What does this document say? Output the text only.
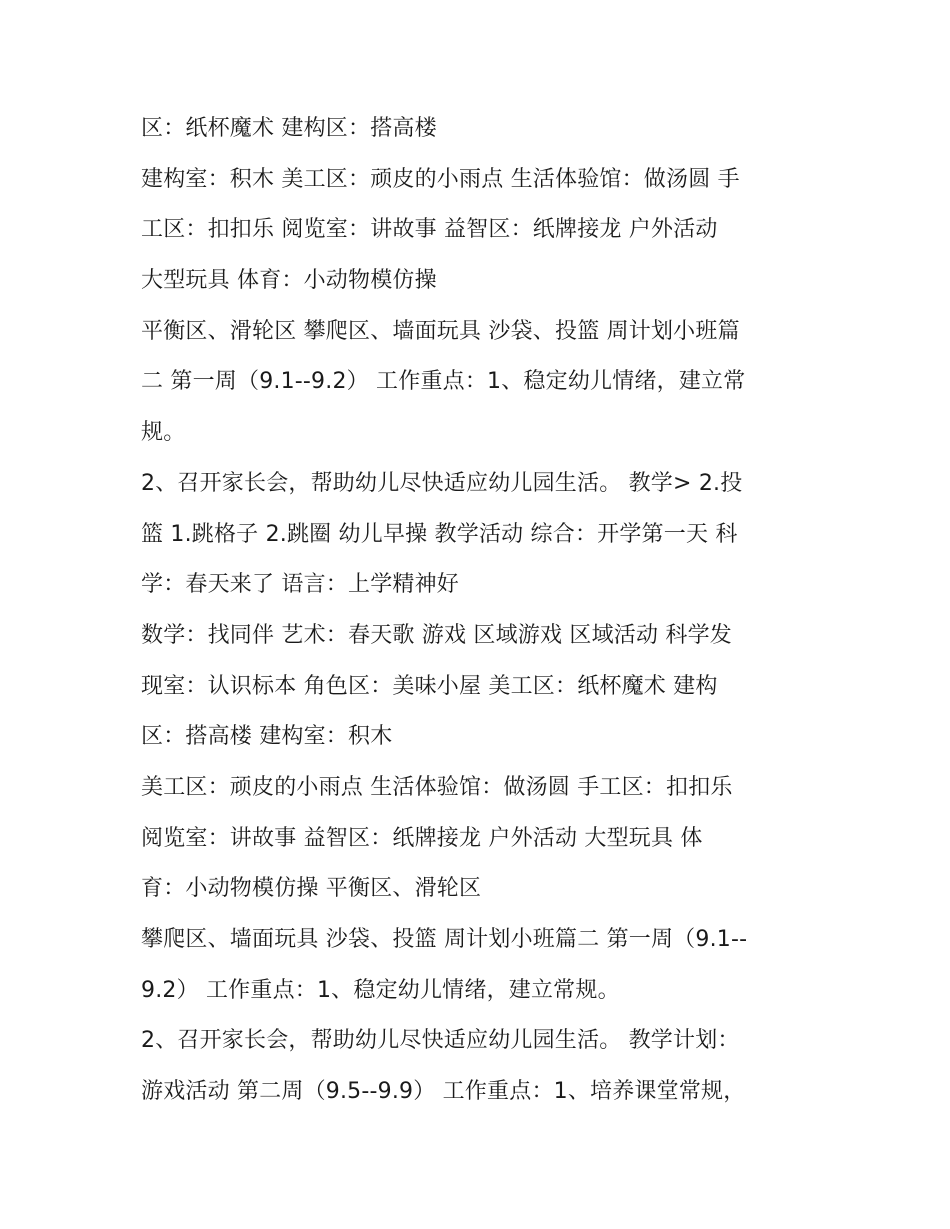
区：纸杯魔术 建构区：搭高楼
建构室：积木 美工区：顽皮的小雨点 生活体验馆：做汤圆 手
工区：扣扣乐 阅览室：讲故事 益智区：纸牌接龙 户外活动
大型玩具 体育：小动物模仿操
平衡区、滑轮区 攀爬区、墙面玩具 沙袋、投篮 周计划小班篇
二 第一周（9.1--9.2） 工作重点：1、稳定幼儿情绪，建立常
规。
2、召开家长会，帮助幼儿尽快适应幼儿园生活。 教学> 2.投
篮 1.跳格子 2.跳圈 幼儿早操 教学活动 综合：开学第一天 科
学：春天来了 语言：上学精神好
数学：找同伴 艺术：春天歌 游戏 区域游戏 区域活动 科学发
现室：认识标本 角色区：美味小屋 美工区：纸杯魔术 建构
区：搭高楼 建构室：积木
美工区：顽皮的小雨点 生活体验馆：做汤圆 手工区：扣扣乐
阅览室：讲故事 益智区：纸牌接龙 户外活动 大型玩具 体
育：小动物模仿操 平衡区、滑轮区
攀爬区、墙面玩具 沙袋、投篮 周计划小班篇二 第一周（9.1--
9.2） 工作重点：1、稳定幼儿情绪，建立常规。
2、召开家长会，帮助幼儿尽快适应幼儿园生活。 教学计划：
游戏活动 第二周（9.5--9.9） 工作重点：1、培养课堂常规，
